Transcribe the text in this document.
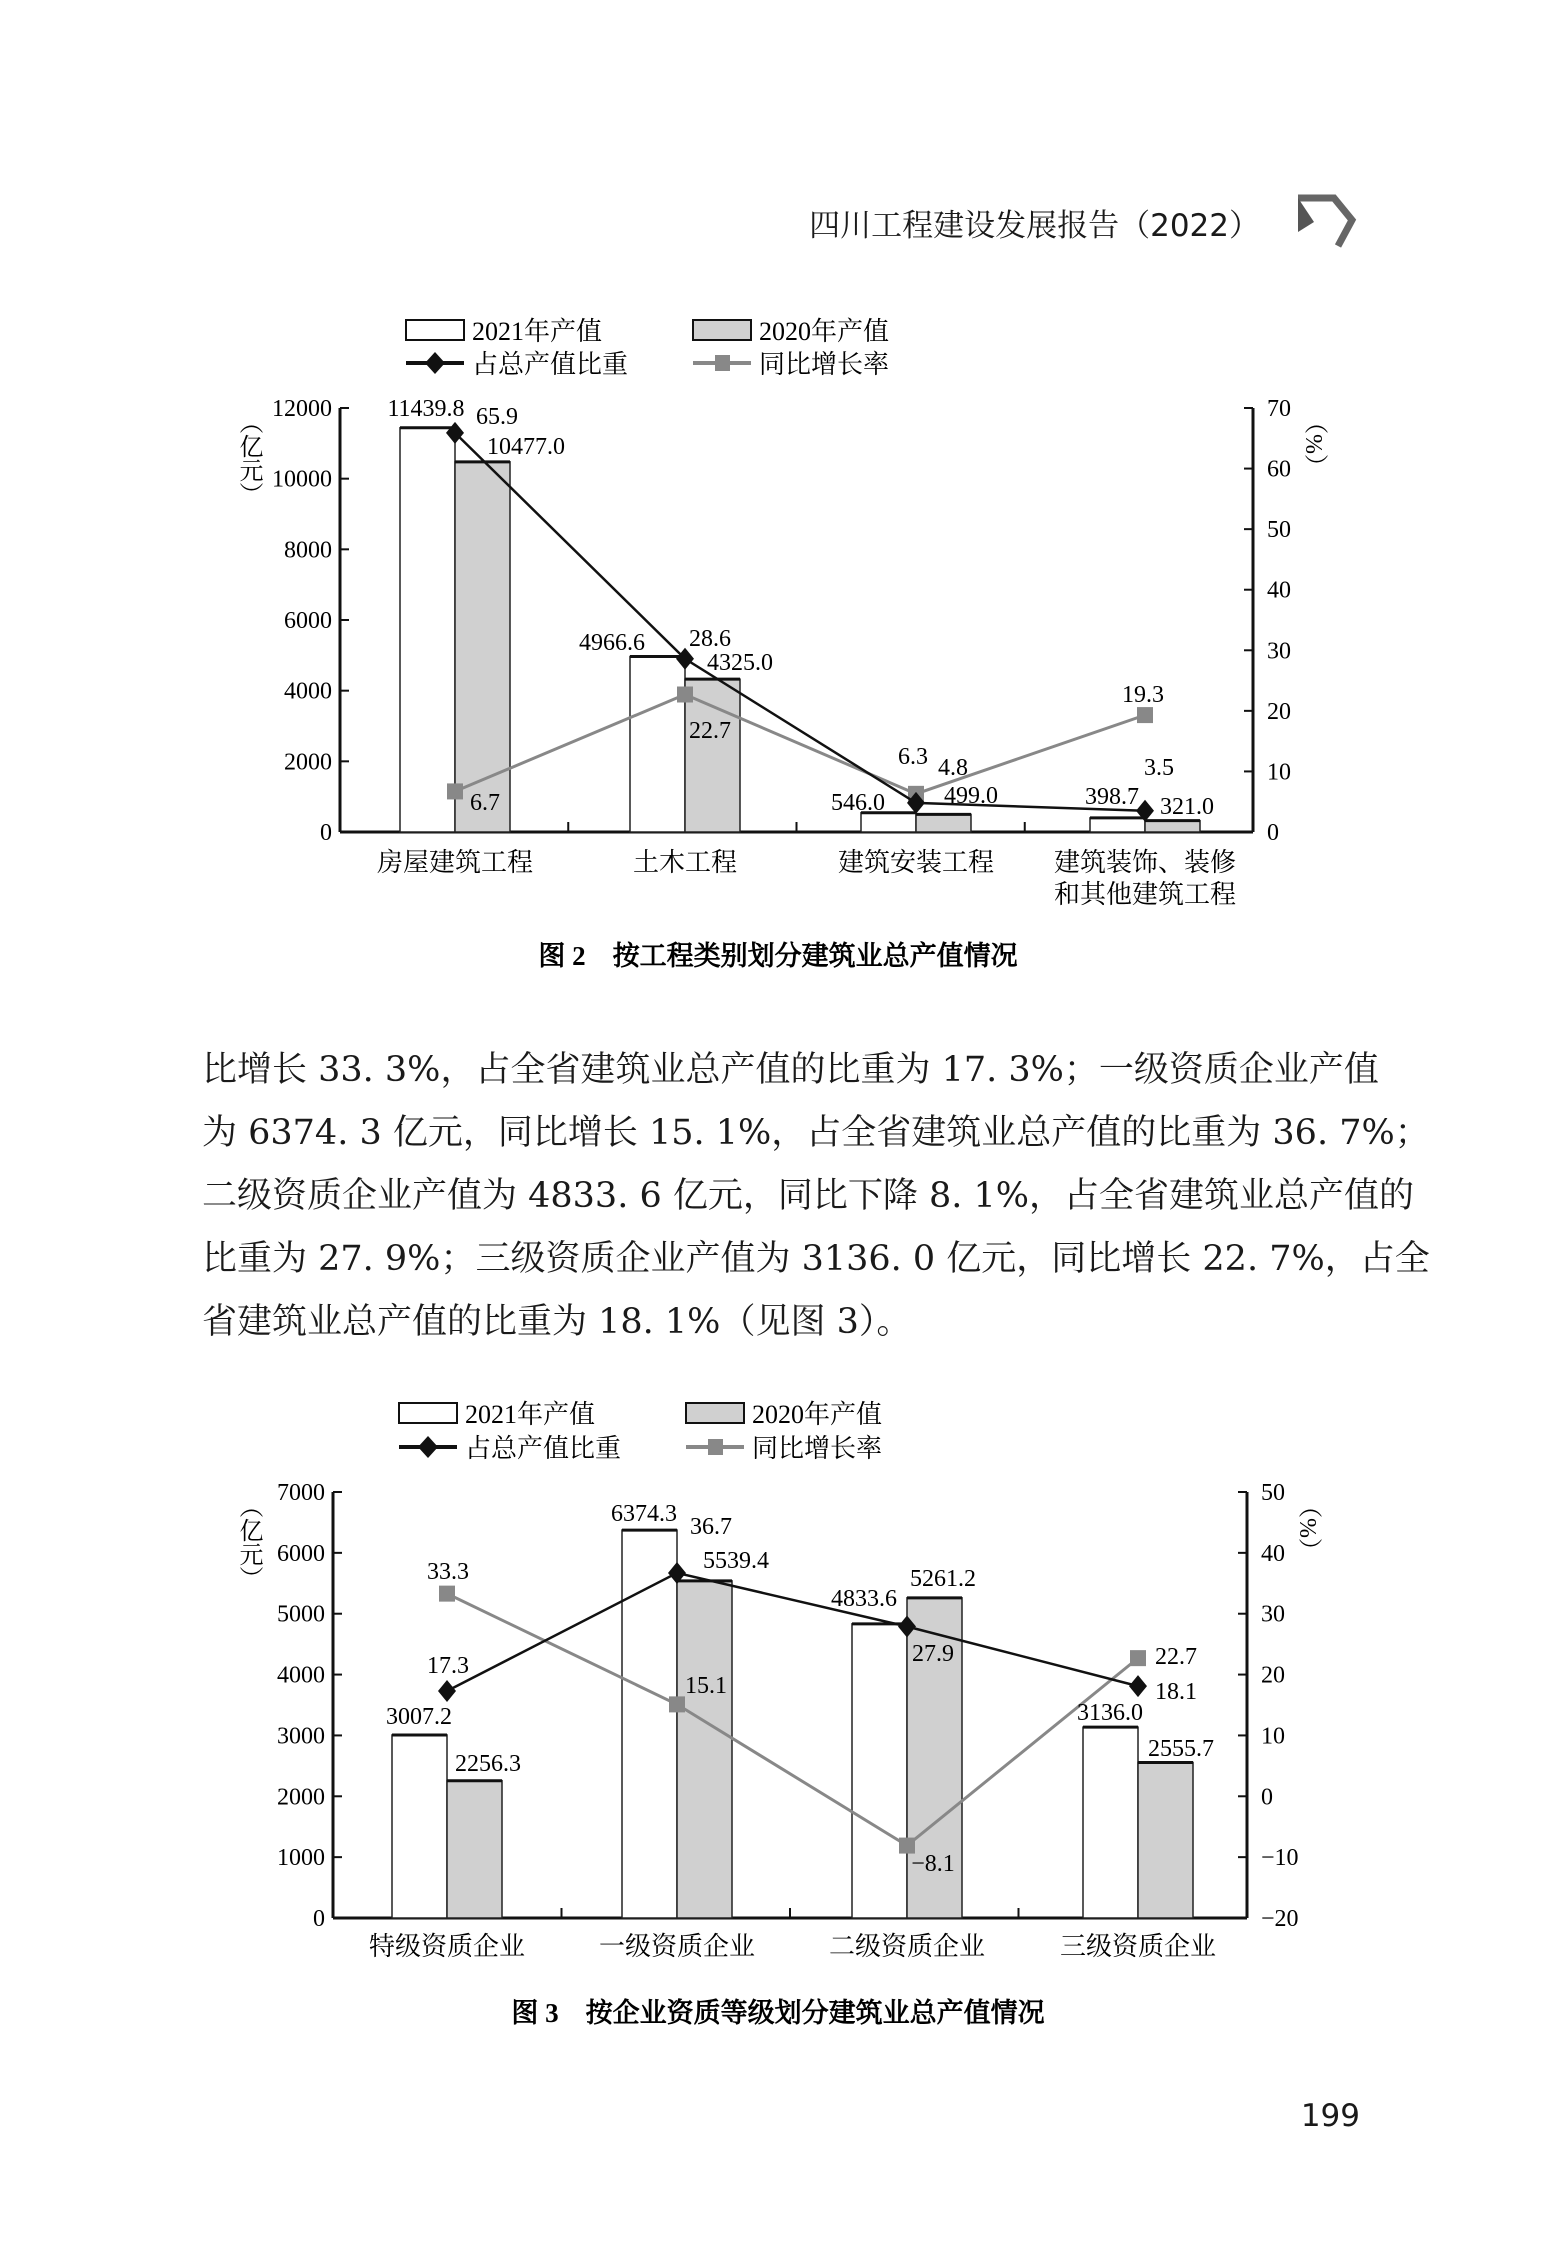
四川工程建设发展报告（2022）
2021年产值	2020年产值
占总产值比重	同比增长率
0
2000
4000
6000
8000
10000
12000
0
10
20
30
40
50
60
70
（亿元）	（%）
11439.8
4966.6
546.0	398.7
10477.0
4325.0
499.0	321.0
65.9
28.6
4.8	3.5
6.7
22.7
6.3
19.3
房屋建筑工程	土木工程	建筑安装工程 建筑装饰、装修
和其他建筑工程
图 2　按工程类别划分建筑业总产值情况
比增长 33. 3%，占全省建筑业总产值的比重为 17. 3%；一级资质企业产值
为 6374. 3 亿元，同比增长 15. 1%，占全省建筑业总产值的比重为 36. 7%；
二级资质企业产值为 4833. 6 亿元，同比下降 8. 1%，占全省建筑业总产值的
比重为 27. 9%；三级资质企业产值为 3136. 0 亿元，同比增长 22. 7%，占全
省建筑业总产值的比重为 18. 1%（见图 3）。
2021年产值	2020年产值
占总产值比重	同比增长率
0
1000
2000
3000
4000
5000
6000
7000
−20
−10
0
10
20
30
40
50
（亿元）	（%）
3007.2
6374.3
4833.6
3136.0
2256.3
5539.4
5261.2
2555.7
17.3
36.7
27.9
18.1
33.3
15.1
−8.1
22.7
特级资质企业	一级资质企业	二级资质企业	三级资质企业
图 3　按企业资质等级划分建筑业总产值情况
199
